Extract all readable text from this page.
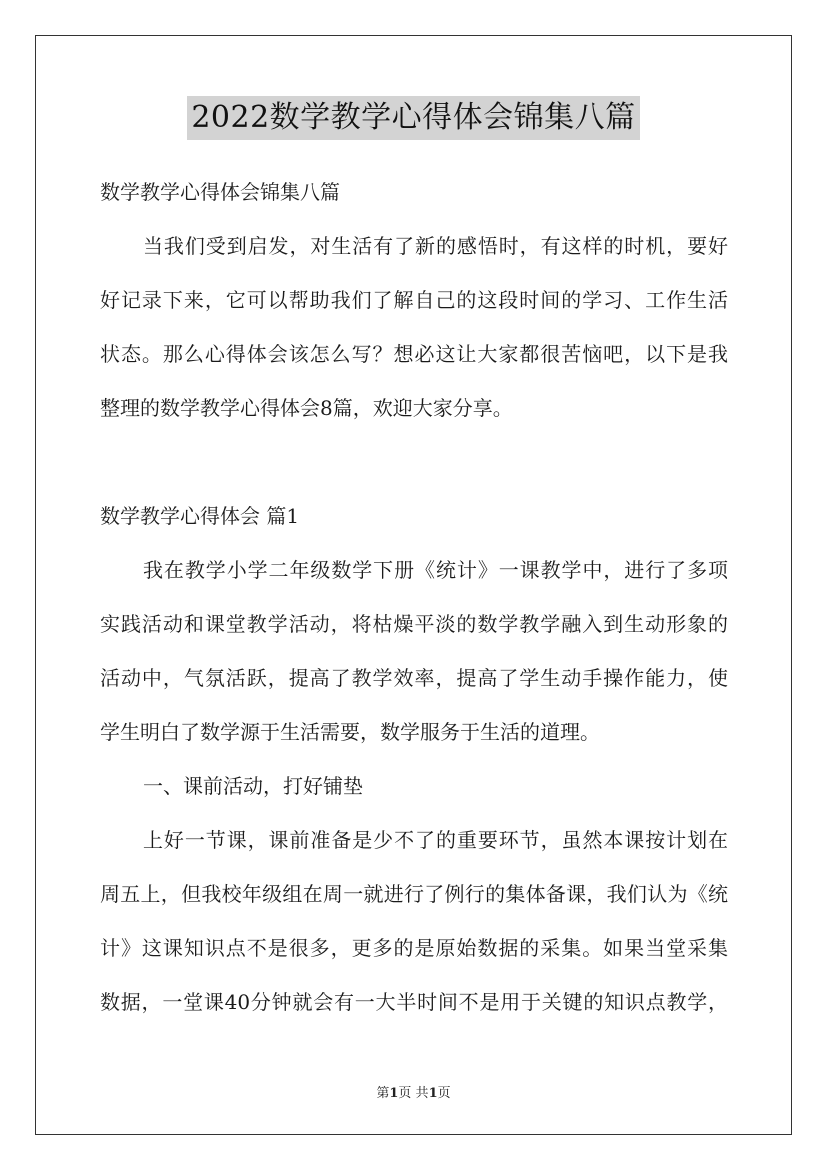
2022数学教学心得体会锦集八篇
数学教学心得体会锦集八篇
当我们受到启发，对生活有了新的感悟时，有这样的时机，要好
好记录下来，它可以帮助我们了解自己的这段时间的学习、工作生活
状态。那么心得体会该怎么写？想必这让大家都很苦恼吧，以下是我
整理的数学教学心得体会8篇，欢迎大家分享。
数学教学心得体会 篇1
我在教学小学二年级数学下册《统计》一课教学中，进行了多项
实践活动和课堂教学活动，将枯燥平淡的数学教学融入到生动形象的
活动中，气氛活跃，提高了教学效率，提高了学生动手操作能力，使
学生明白了数学源于生活需要，数学服务于生活的道理。
一、课前活动，打好铺垫
上好一节课，课前准备是少不了的重要环节，虽然本课按计划在
周五上，但我校年级组在周一就进行了例行的集体备课，我们认为《统
计》这课知识点不是很多，更多的是原始数据的采集。如果当堂采集
数据，一堂课40分钟就会有一大半时间不是用于关键的知识点教学，
第1页 共1页
